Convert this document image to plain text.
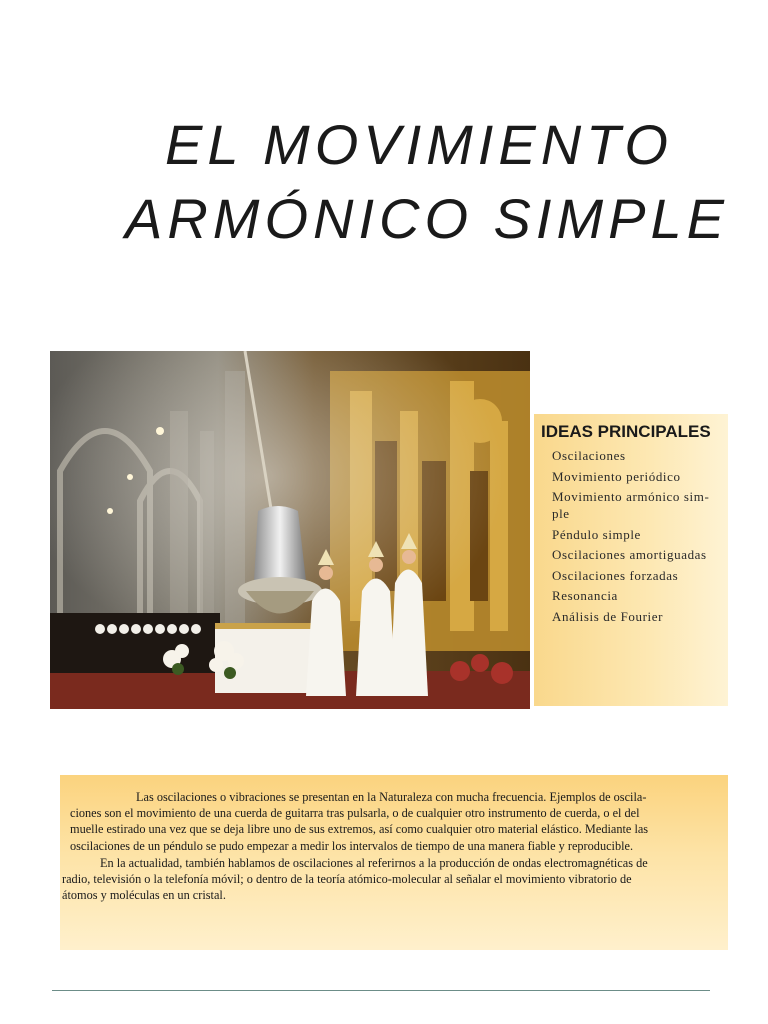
EL MOVIMIENTO
ARMÓNICO SIMPLE
IDEAS PRINCIPALES
Oscilaciones
Movimiento periódico
Movimiento armónico sim-
ple
Péndulo simple
Oscilaciones amortiguadas
Oscilaciones forzadas
Resonancia
Análisis de Fourier

Las oscilaciones o vibraciones se presentan en la Naturaleza con mucha frecuencia. Ejemplos de oscila-

ciones son el movimiento de una cuerda de guitarra tras pulsarla, o de cualquier otro instrumento de cuerda, o el del

muelle estirado una vez que se deja libre uno de sus extremos, así como cualquier otro material elástico. Mediante las

oscilaciones de un péndulo se pudo empezar a medir los intervalos de tiempo de una manera fiable y reproducible.

En la actualidad, también hablamos de oscilaciones al referirnos a la producción de ondas electromagnéticas de

radio, televisión o la telefonía móvil; o dentro de la teoría atómico-molecular al señalar el movimiento vibratorio de

átomos y moléculas en un cristal.
